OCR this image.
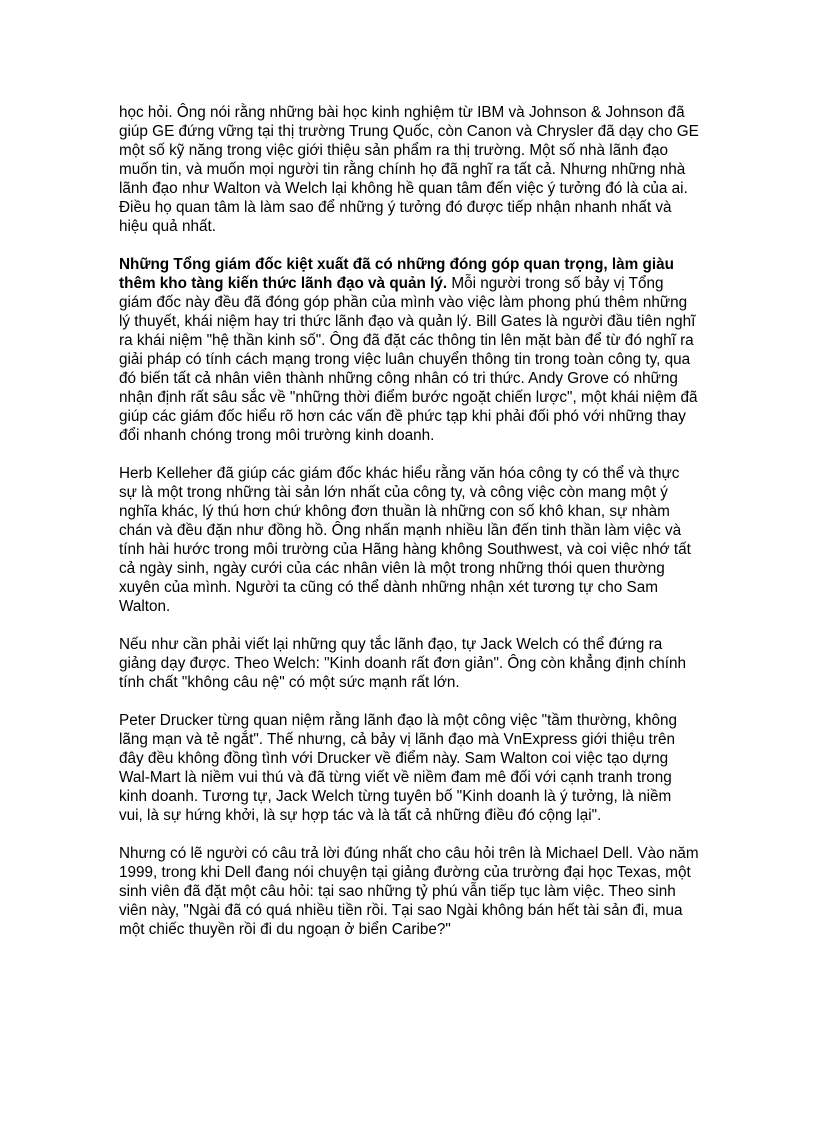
học hỏi. Ông nói rằng những bài học kinh nghiệm từ IBM và Johnson & Johnson đã giúp GE đứng vững tại thị trường Trung Quốc, còn Canon và Chrysler đã dạy cho GE một số kỹ năng trong việc giới thiệu sản phẩm ra thị trường. Một số nhà lãnh đạo muốn tin, và muốn mọi người tin rằng chính họ đã nghĩ ra tất cả. Nhưng những nhà lãnh đạo như Walton và Welch lại không hề quan tâm đến việc ý tưởng đó là của ai. Điều họ quan tâm là làm sao để những ý tưởng đó được tiếp nhận nhanh nhất và hiệu quả nhất.

Những Tổng giám đốc kiệt xuất đã có những đóng góp quan trọng, làm giàu thêm kho tàng kiến thức lãnh đạo và quản lý. Mỗi người trong số bảy vị Tổng giám đốc này đều đã đóng góp phần của mình vào việc làm phong phú thêm những lý thuyết, khái niệm hay tri thức lãnh đạo và quản lý. Bill Gates là người đầu tiên nghĩ ra khái niệm "hệ thần kinh số". Ông đã đặt các thông tin lên mặt bàn để từ đó nghĩ ra giải pháp có tính cách mạng trong việc luân chuyển thông tin trong toàn công ty, qua đó biến tất cả nhân viên thành những công nhân có tri thức. Andy Grove có những nhận định rất sâu sắc về "những thời điểm bước ngoặt chiến lược", một khái niệm đã giúp các giám đốc hiểu rõ hơn các vấn đề phức tạp khi phải đối phó với những thay đổi nhanh chóng trong môi trường kinh doanh.

Herb Kelleher đã giúp các giám đốc khác hiểu rằng văn hóa công ty có thể và thực sự là một trong những tài sản lớn nhất của công ty, và công việc còn mang một ý nghĩa khác, lý thú hơn chứ không đơn thuần là những con số khô khan, sự nhàm chán và đều đặn như đồng hồ. Ông nhấn mạnh nhiều lần đến tinh thần làm việc và tính hài hước trong môi trường của Hãng hàng không Southwest, và coi việc nhớ tất cả ngày sinh, ngày cưới của các nhân viên là một trong những thói quen thường xuyên của mình. Người ta cũng có thể dành những nhận xét tương tự cho Sam Walton.

Nếu như cần phải viết lại những quy tắc lãnh đạo, tự Jack Welch có thể đứng ra giảng dạy được. Theo Welch: "Kinh doanh rất đơn giản". Ông còn khẳng định chính tính chất "không câu nệ" có một sức mạnh rất lớn.

Peter Drucker từng quan niệm rằng lãnh đạo là một công việc "tầm thường, không lãng mạn và tẻ ngắt". Thế nhưng, cả bảy vị lãnh đạo mà VnExpress giới thiệu trên đây đều không đồng tình với Drucker về điểm này. Sam Walton coi việc tạo dựng Wal-Mart là niềm vui thú và đã từng viết về niềm đam mê đối với cạnh tranh trong kinh doanh. Tương tự, Jack Welch từng tuyên bố "Kinh doanh là ý tưởng, là niềm vui, là sự hứng khởi, là sự hợp tác và là tất cả những điều đó cộng lại".

Nhưng có lẽ người có câu trả lời đúng nhất cho câu hỏi trên là Michael Dell. Vào năm 1999, trong khi Dell đang nói chuyện tại giảng đường của trường đại học Texas, một sinh viên đã đặt một câu hỏi: tại sao những tỷ phú vẫn tiếp tục làm việc. Theo sinh viên này, "Ngài đã có quá nhiều tiền rồi. Tại sao Ngài không bán hết tài sản đi, mua một chiếc thuyền rồi đi du ngoạn ở biển Caribe?"
